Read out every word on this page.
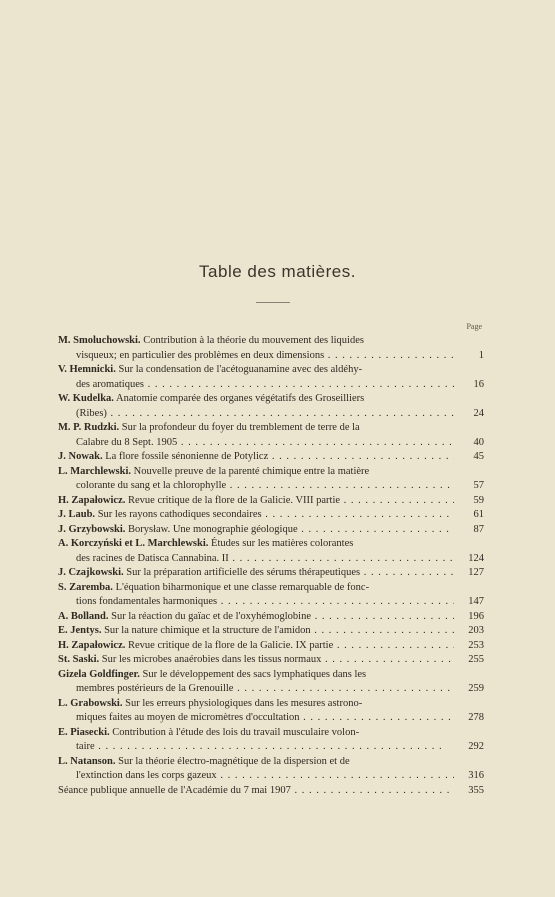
Table des matières.
Page
M. Smoluchowski. Contribution à la théorie du mouvement des liquides
visqueux; en particulier des problèmes en deux dimensions . . .	1
V. Hemnicki. Sur la condensation de l'acétoguanamine avec des aldéhy-
des aromatiques . . .	16
W. Kudelka. Anatomie comparée des organes végétatifs des Groseilliers
(Ribes) . . .	24
M. P. Rudzki. Sur la profondeur du foyer du tremblement de terre de la
Calabre du 8 Sept. 1905 . . .	40
J. Nowak. La flore fossile sénonienne de Potylicz . . .	45
L. Marchlewski. Nouvelle preuve de la parenté chimique entre la matière
colorante du sang et la chlorophylle . . .	57
H. Zapałowicz. Revue critique de la flore de la Galicie. VIII partie . . .	59
J. Laub. Sur les rayons cathodiques secondaires . . .	61
J. Grzybowski. Borysław. Une monographie géologique . . .	87
A. Korczyński et L. Marchlewski. Études sur les matières colorantes
des racines de Datisca Cannabina. II . . .	124
J. Czajkowski. Sur la préparation artificielle des sérums thérapeutiques . . .	127
S. Zaremba. L'équation biharmonique et une classe remarquable de fonc-
tions fondamentales harmoniques . . .	147
A. Bolland. Sur la réaction du gaïac et de l'oxyhémoglobine . . .	196
E. Jentys. Sur la nature chimique et la structure de l'amidon . . .	203
H. Zapałowicz. Revue critique de la flore de la Galicie. IX partie . . .	253
St. Saski. Sur les microbes anaérobies dans les tissus normaux . . .	255
Gizela Goldfinger. Sur le développement des sacs lymphatiques dans les
membres postérieurs de la Grenouille . . .	259
L. Grabowski. Sur les erreurs physiologiques dans les mesures astrono-
miques faites au moyen de micromètres d'occultation . . .	278
E. Piasecki. Contribution à l'étude des lois du travail musculaire volon-
taire . . .	292
L. Natanson. Sur la théorie électro-magnétique de la dispersion et de
l'extinction dans les corps gazeux . . .	316
Séance publique annuelle de l'Académie du 7 mai 1907 . . .	355
